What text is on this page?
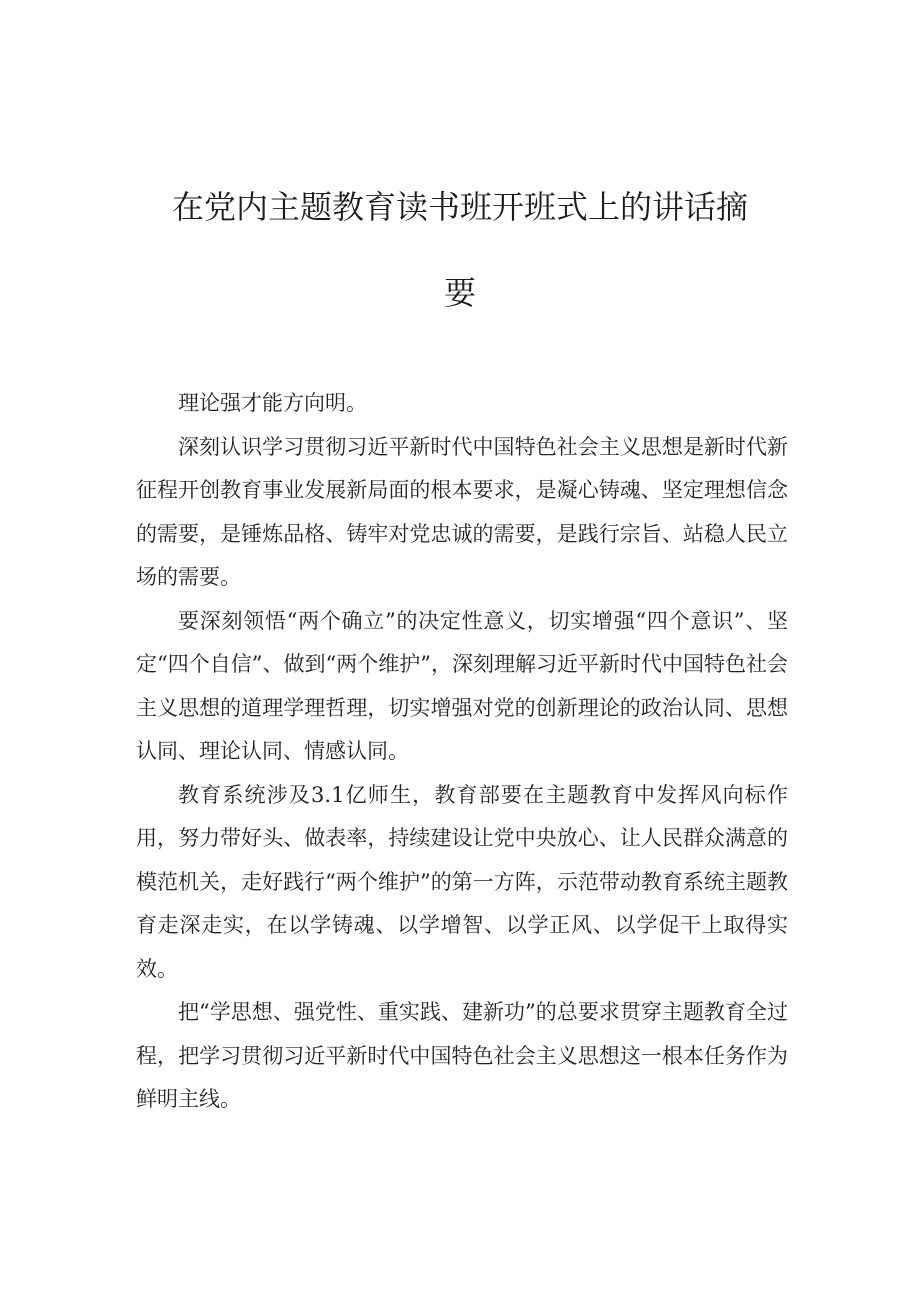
在党内主题教育读书班开班式上的讲话摘
要

理论强才能方向明。

深刻认识学习贯彻习近平新时代中国特色社会主义思想是新时代新征程开创教育事业发展新局面的根本要求，是凝心铸魂、坚定理想信念的需要，是锤炼品格、铸牢对党忠诚的需要，是践行宗旨、站稳人民立场的需要。

要深刻领悟“两个确立”的决定性意义，切实增强“四个意识”、坚定“四个自信”、做到“两个维护”，深刻理解习近平新时代中国特色社会主义思想的道理学理哲理，切实增强对党的创新理论的政治认同、思想认同、理论认同、情感认同。

教育系统涉及3.1亿师生，教育部要在主题教育中发挥风向标作用，努力带好头、做表率，持续建设让党中央放心、让人民群众满意的模范机关，走好践行“两个维护”的第一方阵，示范带动教育系统主题教育走深走实，在以学铸魂、以学增智、以学正风、以学促干上取得实效。

把“学思想、强党性、重实践、建新功”的总要求贯穿主题教育全过程，把学习贯彻习近平新时代中国特色社会主义思想这一根本任务作为鲜明主线。
